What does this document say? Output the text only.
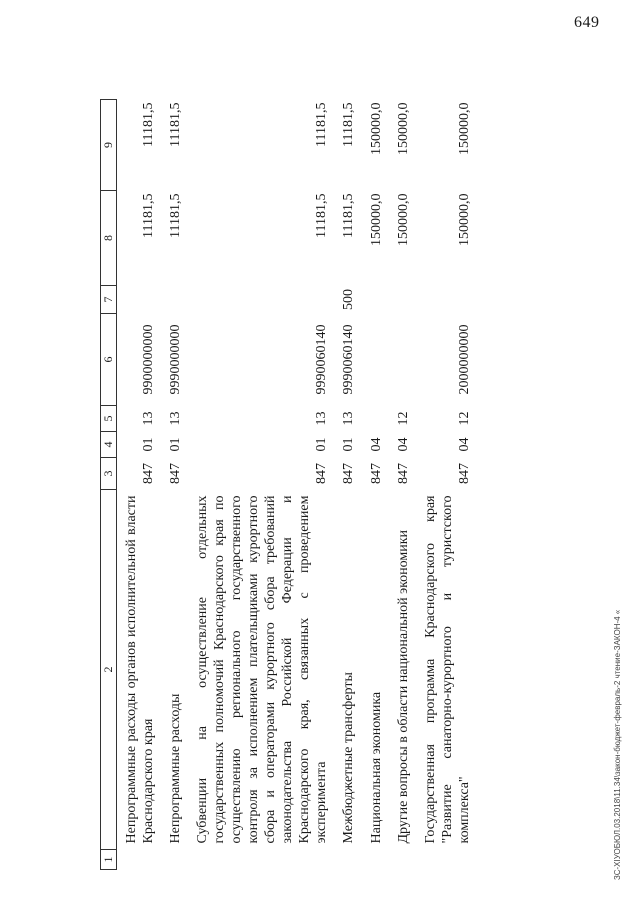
649
ЗС-XIУОБЮЛ.03.2018\11.34\закон-бюджет-февраль-2 чтение-ЗАКОН-4 «
1	2	3	4	5	6	7	8	9
	Непрограммные расходы органов исполнительной власти Краснодарского края	847	01	13	9900000000		11181,5	11181,5
	Непрограммные расходы	847	01	13	9990000000		11181,5	11181,5
	Субвенции на осуществление отдельных государственных полномочий Краснодарского края по осуществлению регионального государственного контроля за исполнением плательщиками курортного сбора и операторами курортного сбора требований законодательства Российской Федерации и Краснодарского края, связанных с проведением эксперимента	847	01	13	9990060140		11181,5	11181,5
	Межбюджетные трансферты	847	01	13	9990060140	500	11181,5	11181,5
	Национальная экономика	847	04				150000,0	150000,0
	Другие вопросы в области национальной экономики	847	04	12			150000,0	150000,0
	Государственная программа Краснодарского края "Развитие санаторно-курортного и туристского комплекса"	847	04	12	2000000000		150000,0	150000,0
